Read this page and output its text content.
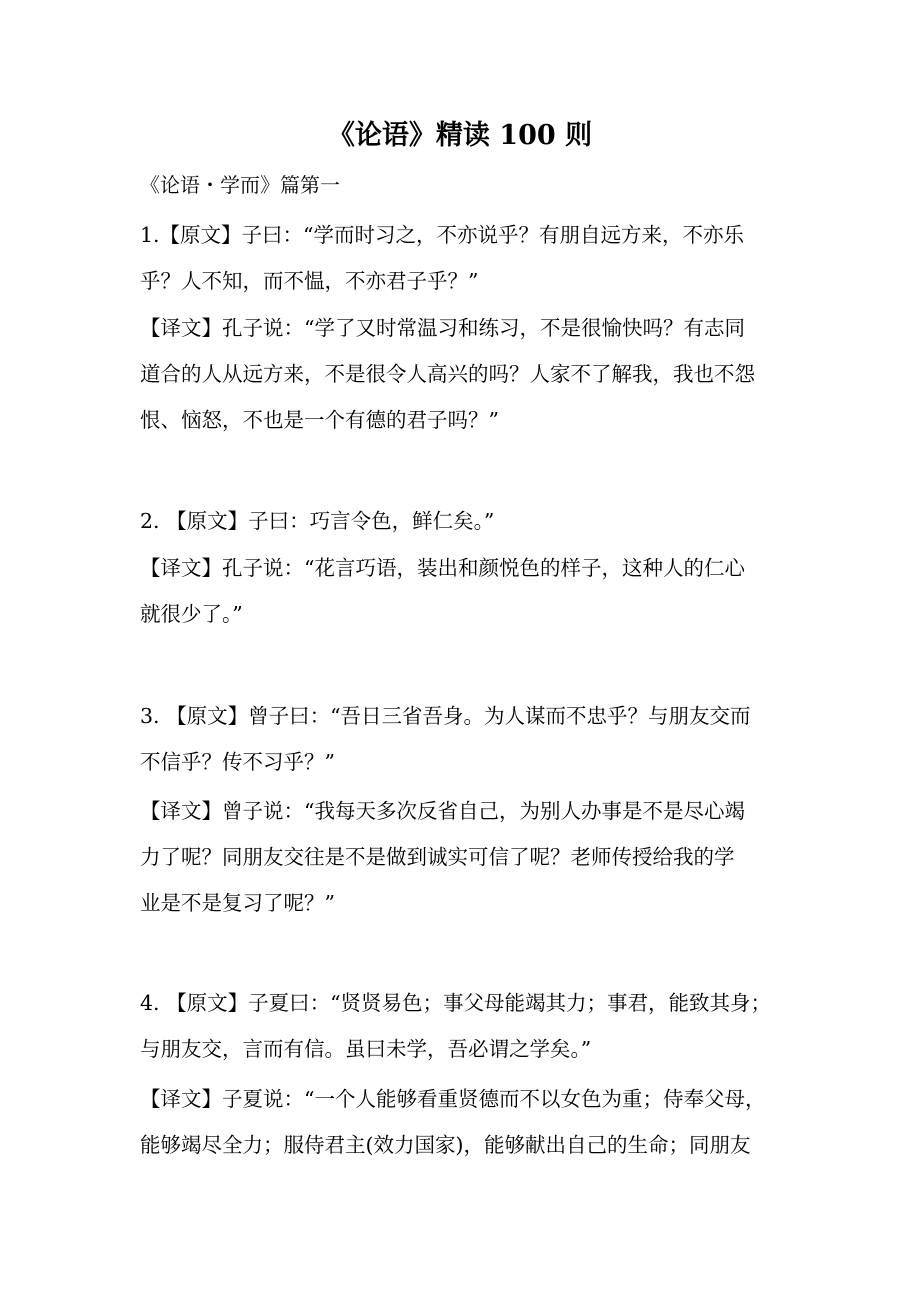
《论语》精读 100 则
《论语・学而》篇第一
1.【原文】子曰：“学而时习之，不亦说乎？有朋自远方来，不亦乐
乎？人不知，而不愠，不亦君子乎？”
【译文】孔子说：“学了又时常温习和练习，不是很愉快吗？有志同
道合的人从远方来，不是很令人高兴的吗？人家不了解我，我也不怨
恨、恼怒，不也是一个有德的君子吗？”
2. 【原文】子曰：巧言令色，鲜仁矣。”
【译文】孔子说：“花言巧语，装出和颜悦色的样子，这种人的仁心
就很少了。”
3. 【原文】曾子曰：“吾日三省吾身。为人谋而不忠乎？与朋友交而
不信乎？传不习乎？”
【译文】曾子说：“我每天多次反省自己，为别人办事是不是尽心竭
力了呢？同朋友交往是不是做到诚实可信了呢？老师传授给我的学
业是不是复习了呢？”
4. 【原文】子夏曰：“贤贤易色；事父母能竭其力；事君，能致其身；
与朋友交，言而有信。虽曰未学，吾必谓之学矣。”
【译文】子夏说：“一个人能够看重贤德而不以女色为重；侍奉父母，
能够竭尽全力；服侍君主(效力国家)，能够献出自己的生命；同朋友
